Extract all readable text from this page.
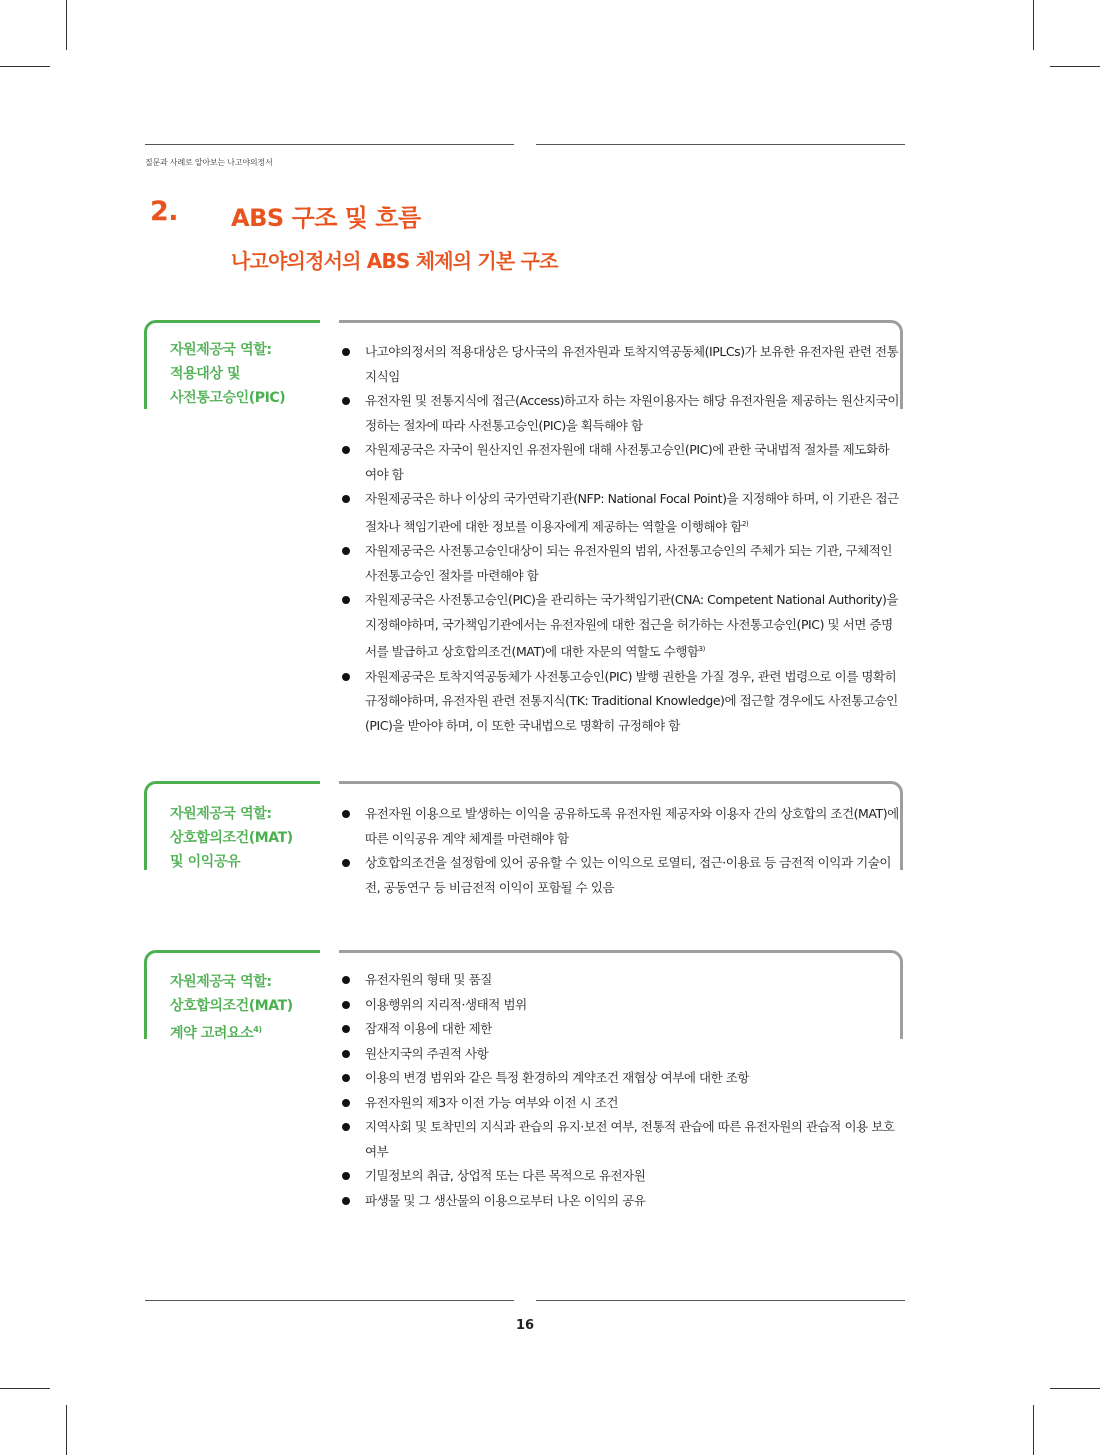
질문과 사례로 알아보는 나고야의정서
2. ABS 구조 및 흐름
나고야의정서의 ABS 체제의 기본 구조
자원제공국 역할:
적용대상 및
사전통고승인(PIC)
나고야의정서의 적용대상은 당사국의 유전자원과 토착지역공동체(IPLCs)가 보유한 유전자원 관련 전통지식임
유전자원 및 전통지식에 접근(Access)하고자 하는 자원이용자는 해당 유전자원을 제공하는 원산지국이 정하는 절차에 따라 사전통고승인(PIC)을 획득해야 함
자원제공국은 자국이 원산지인 유전자원에 대해 사전통고승인(PIC)에 관한 국내법적 절차를 제도화하여야 함
자원제공국은 하나 이상의 국가연락기관(NFP: National Focal Point)을 지정해야 하며, 이 기관은 접근절차나 책임기관에 대한 정보를 이용자에게 제공하는 역할을 이행해야 함$^{2)}$
자원제공국은 사전통고승인대상이 되는 유전자원의 범위, 사전통고승인의 주체가 되는 기관, 구체적인 사전통고승인 절차를 마련해야 함
자원제공국은 사전통고승인(PIC)을 관리하는 국가책임기관(CNA: Competent National Authority)을 지정해야하며, 국가책임기관에서는 유전자원에 대한 접근을 허가하는 사전통고승인(PIC) 및 서면 증명서를 발급하고 상호합의조건(MAT)에 대한 자문의 역할도 수행함$^{3)}$
자원제공국은 토착지역공동체가 사전통고승인(PIC) 발행 권한을 가질 경우, 관련 법령으로 이를 명확히 규정해야하며, 유전자원 관련 전통지식(TK: Traditional Knowledge)에 접근할 경우에도 사전통고승인(PIC)을 받아야 하며, 이 또한 국내법으로 명확히 규정해야 함
자원제공국 역할:
상호합의조건(MAT)
및 이익공유
유전자원 이용으로 발생하는 이익을 공유하도록 유전자원 제공자와 이용자 간의 상호합의 조건(MAT)에 따른 이익공유 계약 체계를 마련해야 함
상호합의조건을 설정함에 있어 공유할 수 있는 이익으로 로열티, 접근·이용료 등 금전적 이익과 기술이전, 공동연구 등 비금전적 이익이 포함될 수 있음
자원제공국 역할:
상호합의조건(MAT)
계약 고려요소$^{4)}$
유전자원의 형태 및 품질
이용행위의 지리적·생태적 범위
잠재적 이용에 대한 제한
원산지국의 주권적 사항
이용의 변경 범위와 같은 특정 환경하의 계약조건 재협상 여부에 대한 조항
유전자원의 제3자 이전 가능 여부와 이전 시 조건
지역사회 및 토착민의 지식과 관습의 유지·보전 여부, 전통적 관습에 따른 유전자원의 관습적 이용 보호 여부
기밀정보의 취급, 상업적 또는 다른 목적으로 유전자원
파생물 및 그 생산물의 이용으로부터 나온 이익의 공유
16
